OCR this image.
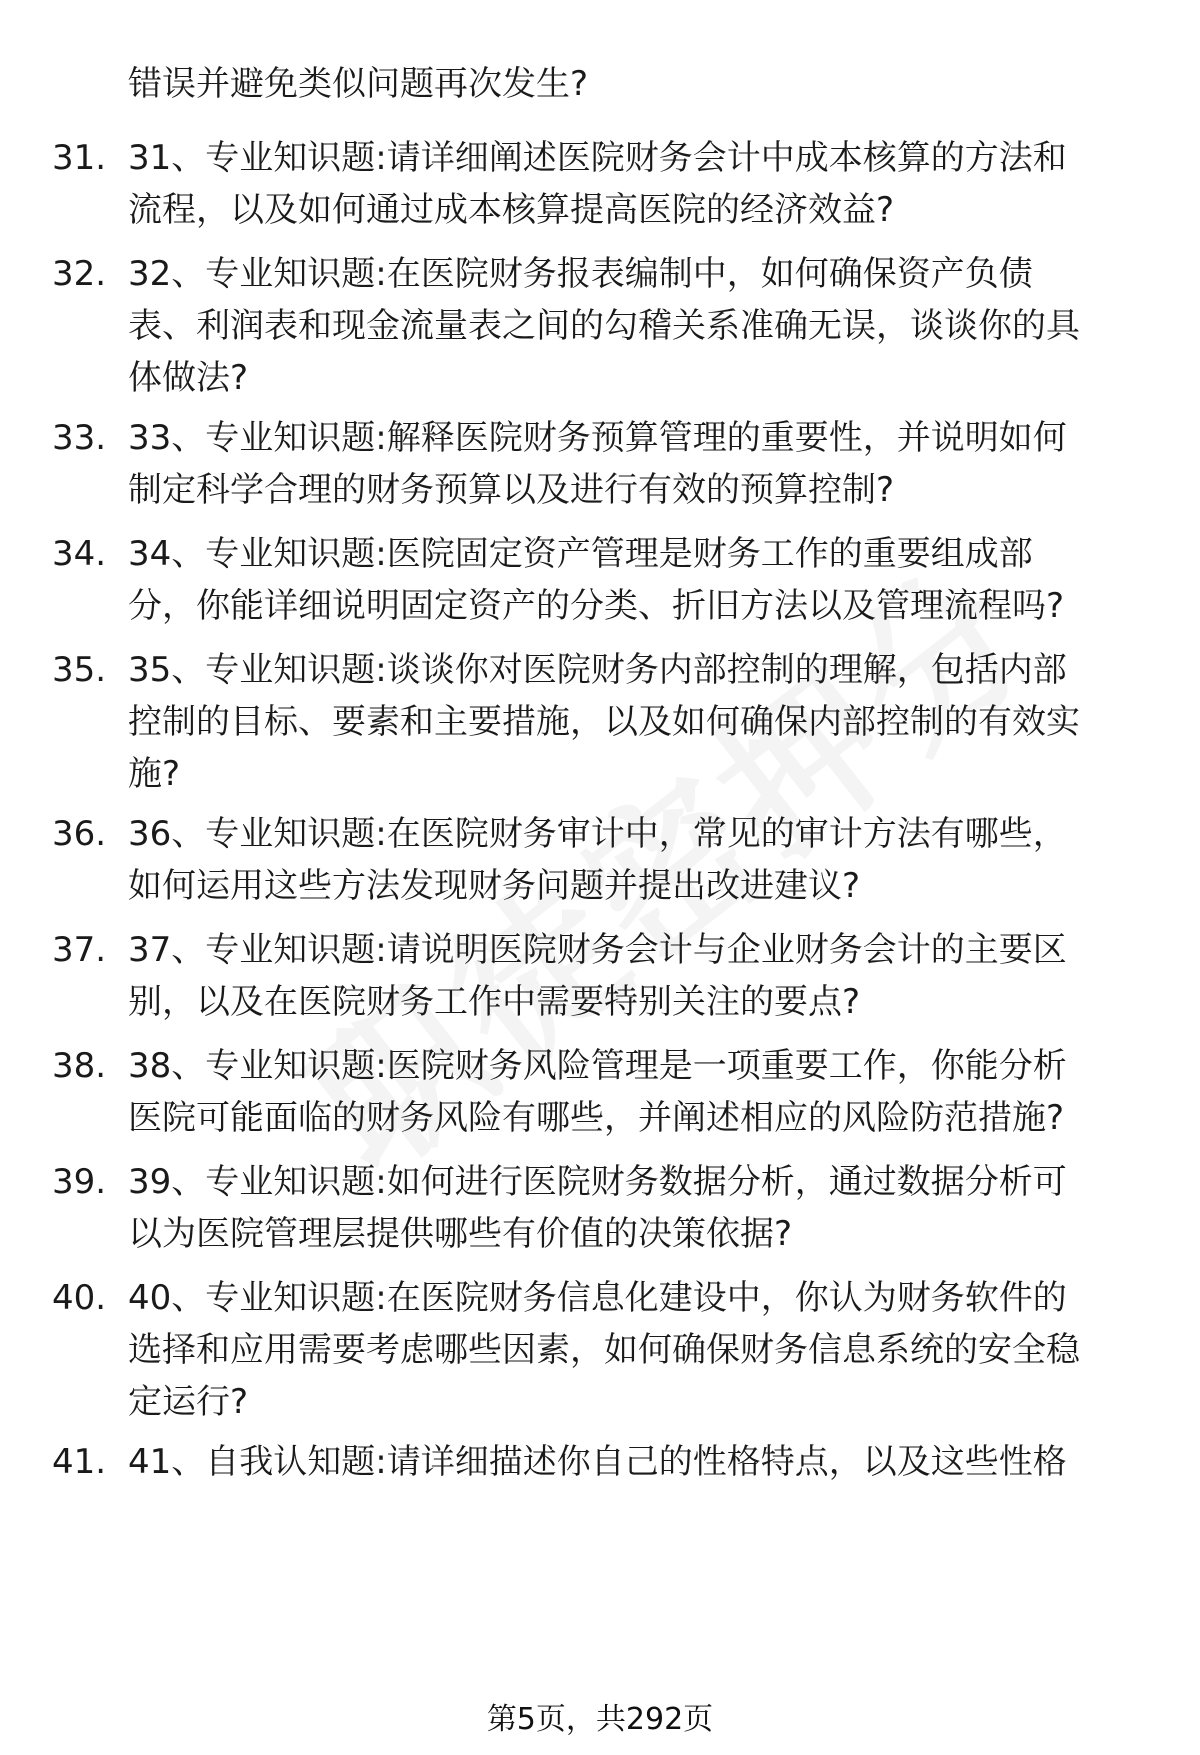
错误并避免类似问题再次发生?
31. 31、专业知识题:请详细阐述医院财务会计中成本核算的方法和
流程，以及如何通过成本核算提高医院的经济效益?
32. 32、专业知识题:在医院财务报表编制中，如何确保资产负债
表、利润表和现金流量表之间的勾稽关系准确无误，谈谈你的具
体做法?
33. 33、专业知识题:解释医院财务预算管理的重要性，并说明如何
制定科学合理的财务预算以及进行有效的预算控制?
34. 34、专业知识题:医院固定资产管理是财务工作的重要组成部
分，你能详细说明固定资产的分类、折旧方法以及管理流程吗?
35. 35、专业知识题:谈谈你对医院财务内部控制的理解，包括内部
控制的目标、要素和主要措施，以及如何确保内部控制的有效实
施?
36. 36、专业知识题:在医院财务审计中，常见的审计方法有哪些，
如何运用这些方法发现财务问题并提出改进建议?
37. 37、专业知识题:请说明医院财务会计与企业财务会计的主要区
别，以及在医院财务工作中需要特别关注的要点?
38. 38、专业知识题:医院财务风险管理是一项重要工作，你能分析
医院可能面临的财务风险有哪些，并阐述相应的风险防范措施?
39. 39、专业知识题:如何进行医院财务数据分析，通过数据分析可
以为医院管理层提供哪些有价值的决策依据?
40. 40、专业知识题:在医院财务信息化建设中，你认为财务软件的
选择和应用需要考虑哪些因素，如何确保财务信息系统的安全稳
定运行?
41. 41、自我认知题:请详细描述你自己的性格特点，以及这些性格
第5页，共292页
